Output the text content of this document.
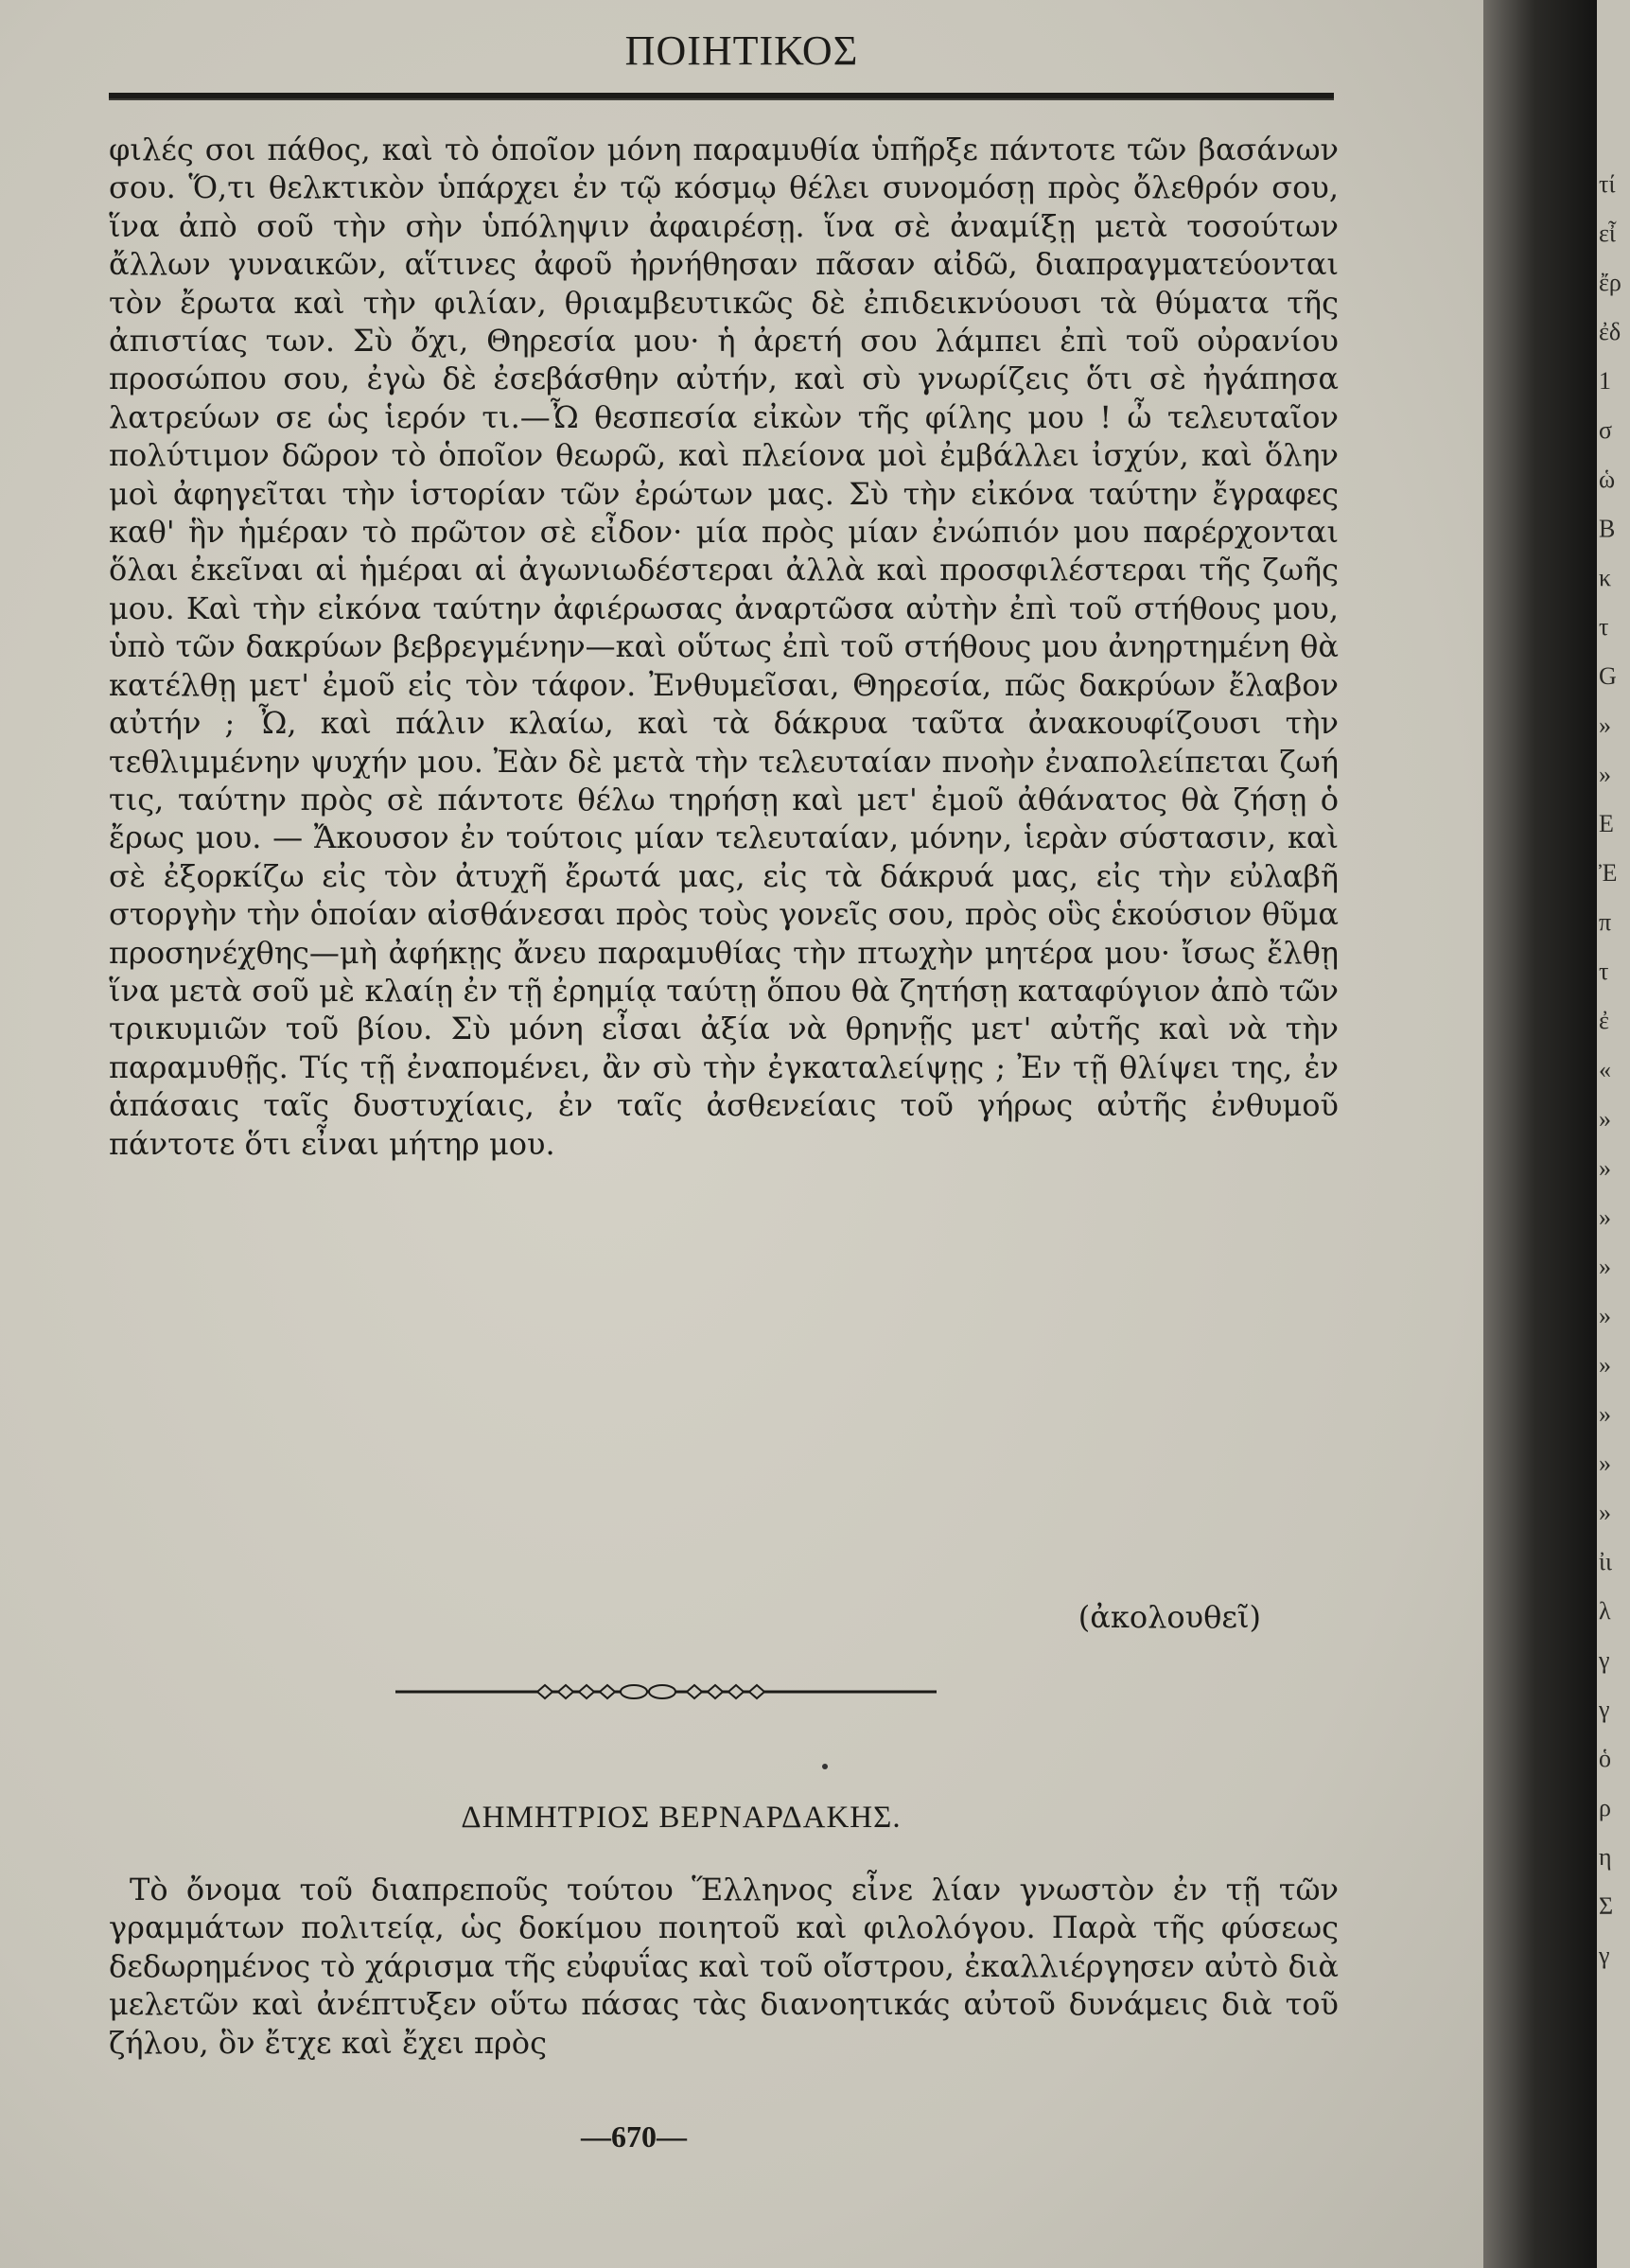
ΠΟΙΗΤΙΚΟΣ

φιλές σοι πάθος, καὶ τὸ ὁποῖον μόνη παραμυθία ὑπῆρξε πάντοτε τῶν βασάνων σου. Ὅ,τι θελκτικὸν ὑπάρχει ἐν τῷ κόσμῳ θέλει συνομόσῃ πρὸς ὄλεθρόν σου, ἵνα ἀπὸ σοῦ τὴν σὴν ὑπόληψιν ἀφαιρέσῃ. ἵνα σὲ ἀναμίξῃ μετὰ τοσούτων ἄλλων γυναικῶν, αἵτινες ἀφοῦ ἠρνήθησαν πᾶσαν αἰδῶ, διαπραγματεύονται τὸν ἔρωτα καὶ τὴν φιλίαν, θριαμβευτικῶς δὲ ἐπιδεικνύουσι τὰ θύματα τῆς ἀπιστίας των. Σὺ ὄχι, Θηρεσία μου· ἡ ἀρετή σου λάμπει ἐπὶ τοῦ οὐρανίου προσώπου σου, ἐγὼ δὲ ἐσεβάσθην αὐτήν, καὶ σὺ γνωρίζεις ὅτι σὲ ἠγάπησα λατρεύων σε ὡς ἱερόν τι.—Ὦ θεσπεσία εἰκὼν τῆς φίλης μου ! ὦ τελευταῖον πολύτιμον δῶρον τὸ ὁποῖον θεωρῶ, καὶ πλείονα μοὶ ἐμβάλλει ἰσχύν, καὶ ὅλην μοὶ ἀφηγεῖται τὴν ἱστορίαν τῶν ἐρώτων μας. Σὺ τὴν εἰκόνα ταύτην ἔγραφες καθ' ἣν ἡμέραν τὸ πρῶτον σὲ εἶδον· μία πρὸς μίαν ἐνώπιόν μου παρέρχονται ὅλαι ἐκεῖναι αἱ ἡμέραι αἱ ἀγωνιωδέστεραι ἀλλὰ καὶ προσφιλέστεραι τῆς ζωῆς μου. Καὶ τὴν εἰκόνα ταύτην ἀφιέρωσας ἀναρτῶσα αὐτὴν ἐπὶ τοῦ στήθους μου, ὑπὸ τῶν δακρύων βεβρεγμένην—καὶ οὕτως ἐπὶ τοῦ στήθους μου ἀνηρτημένη θὰ κατέλθῃ μετ' ἐμοῦ εἰς τὸν τάφον. Ἐνθυμεῖσαι, Θηρεσία, πῶς δακρύων ἔλαβον αὐτήν ; Ὦ, καὶ πάλιν κλαίω, καὶ τὰ δάκρυα ταῦτα ἀνακουφίζουσι τὴν τεθλιμμένην ψυχήν μου. Ἐὰν δὲ μετὰ τὴν τελευταίαν πνοὴν ἐναπολείπεται ζωή τις, ταύτην πρὸς σὲ πάντοτε θέλω τηρήσῃ καὶ μετ' ἐμοῦ ἀθάνατος θὰ ζήσῃ ὁ ἔρως μου. — Ἄκουσον ἐν τούτοις μίαν τελευταίαν, μόνην, ἱερὰν σύστασιν, καὶ σὲ ἐξορκίζω εἰς τὸν ἀτυχῆ ἔρωτά μας, εἰς τὰ δάκρυά μας, εἰς τὴν εὐλαβῆ στοργὴν τὴν ὁποίαν αἰσθάνεσαι πρὸς τοὺς γονεῖς σου, πρὸς οὓς ἑκούσιον θῦμα προσηνέχθης—μὴ ἀφήκῃς ἄνευ παραμυθίας τὴν πτωχὴν μητέρα μου· ἴσως ἔλθῃ ἵνα μετὰ σοῦ μὲ κλαίῃ ἐν τῇ ἐρημίᾳ ταύτῃ ὅπου θὰ ζητήσῃ καταφύγιον ἀπὸ τῶν τρικυμιῶν τοῦ βίου. Σὺ μόνη εἶσαι ἀξία νὰ θρηνῇς μετ' αὐτῆς καὶ νὰ τὴν παραμυθῇς. Τίς τῇ ἐναπομένει, ἂν σὺ τὴν ἐγκαταλείψῃς ; Ἐν τῇ θλίψει της, ἐν ἁπάσαις ταῖς δυστυχίαις, ἐν ταῖς ἀσθενείαις τοῦ γήρως αὐτῆς ἐνθυμοῦ πάντοτε ὅτι εἶναι μήτηρ μου.

(ἀκολουθεῖ)
ΔΗΜΗΤΡΙΟΣ ΒΕΡΝΑΡΔΑΚΗΣ.

Τὸ ὄνομα τοῦ διαπρεποῦς τούτου Ἕλληνος εἶνε λίαν γνωστὸν ἐν τῇ τῶν γραμμάτων πολιτείᾳ, ὡς δοκίμου ποιητοῦ καὶ φιλολόγου. Παρὰ τῆς φύσεως δεδωρημένος τὸ χάρισμα τῆς εὐφυΐας καὶ τοῦ οἴστρου, ἐκαλλιέργησεν αὐτὸ διὰ μελετῶν καὶ ἀνέπτυξεν οὕτω πάσας τὰς διανοητικάς αὐτοῦ δυνάμεις διὰ τοῦ ζήλου, ὃν ἔτχε καὶ ἔχει πρὸς

—670—
τί
εἶ
ἔρ
ἐδ
1
σ
ὡ
Β
κ
τ
G
»
»
Ε
Ἐ
π
τ
ἐ
«
»
»
»
»
»
»
»
»
»
ἰι
λ
γ
γ
ὁ
ρ
η
Σ
γ
